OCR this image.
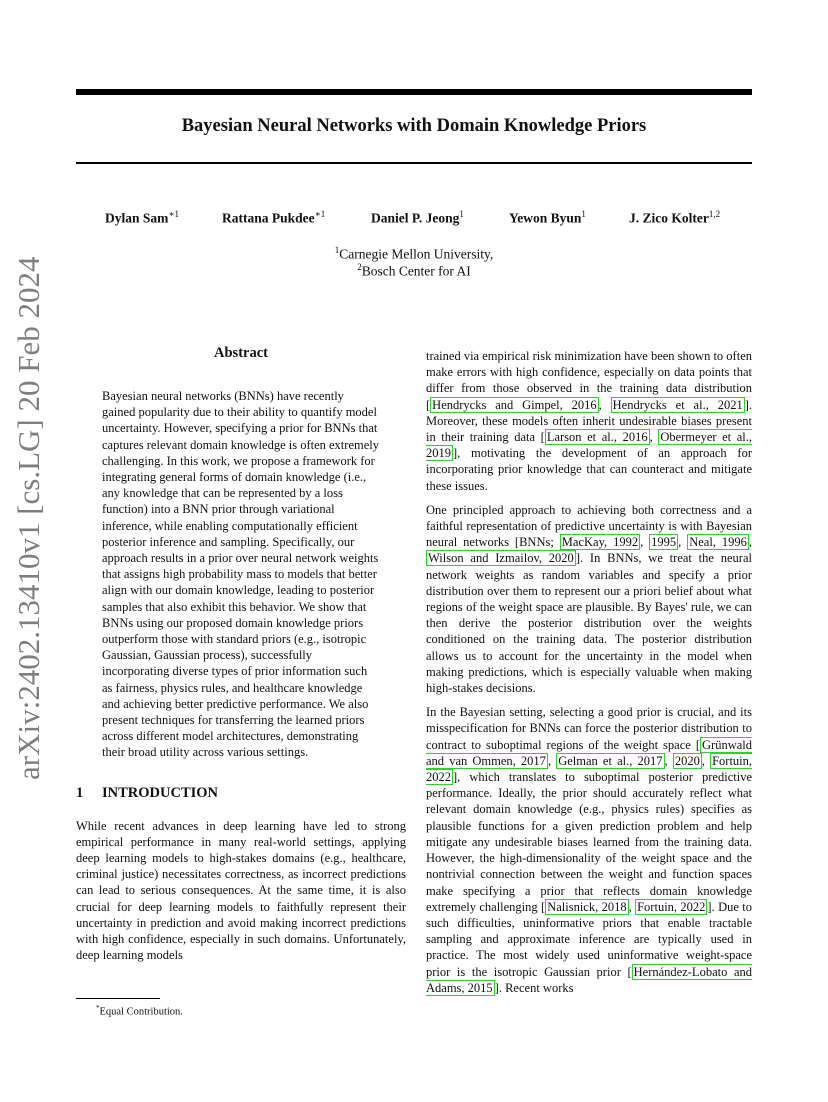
Bayesian Neural Networks with Domain Knowledge Priors
Dylan Sam$^{∗1}$	Rattana Pukdee$^{∗1}$	Daniel P. Jeong$^1$	Yewon Byun$^1$	J. Zico Kolter$^{1,2}$
$^1$Carnegie Mellon University,
$^2$Bosch Center for AI
arXiv:2402.13410v1 [cs.LG] 20 Feb 2024	Abstract

Bayesian neural networks (BNNs) have recently gained popularity due to their ability to quantify model uncertainty. However, specifying a prior for BNNs that captures relevant domain knowledge is often extremely challenging. In this work, we propose a framework for integrating general forms of domain knowledge (i.e., any knowledge that can be represented by a loss function) into a BNN prior through variational inference, while enabling computationally efficient posterior inference and sampling. Specifically, our approach results in a prior over neural network weights that assigns high probability mass to models that better align with our domain knowledge, leading to posterior samples that also exhibit this behavior. We show that BNNs using our proposed domain knowledge priors outperform those with standard priors (e.g., isotropic Gaussian, Gaussian process), successfully incorporating diverse types of prior information such as fairness, physics rules, and healthcare knowledge and achieving better predictive performance. We also present techniques for transferring the learned priors across different model architectures, demonstrating their broad utility across various settings.

1 INTRODUCTION

While recent advances in deep learning have led to strong empirical performance in many real-world settings, applying deep learning models to high-stakes domains (e.g., healthcare, criminal justice) necessitates correctness, as incorrect predictions can lead to serious consequences. At the same time, it is also crucial for deep learning models to faithfully represent their uncertainty in prediction and avoid making incorrect predictions with high confidence, especially in such domains. Unfortunately, deep learning models

trained via empirical risk minimization have been shown to often make errors with high confidence, especially on data points that differ from those observed in the training data distribution [ Hendrycks and Gimpel, 2016 , Hendrycks et al., 2021 ]. Moreover, these models often inherit undesirable biases present in their training data [ Larson et al., 2016 , Obermeyer et al., 2019 ], motivating the development of an approach for incorporating prior knowledge that can counteract and mitigate these issues.

One principled approach to achieving both correctness and a faithful representation of predictive uncertainty is with Bayesian neural networks [BNNs; MacKay, 1992 , 1995 , Neal, 1996 , Wilson and Izmailov, 2020 ]. In BNNs, we treat the neural network weights as random variables and specify a prior distribution over them to represent our a priori belief about what regions of the weight space are plausible. By Bayes' rule, we can then derive the posterior distribution over the weights conditioned on the training data. The posterior distribution allows us to account for the uncertainty in the model when making predictions, which is especially valuable when making high-stakes decisions.

In the Bayesian setting, selecting a good prior is crucial, and its misspecification for BNNs can force the posterior distribution to contract to suboptimal regions of the weight space [ Grünwald and van Ommen, 2017 , Gelman et al., 2017 , 2020 , Fortuin, 2022 ], which translates to suboptimal posterior predictive performance. Ideally, the prior should accurately reflect what relevant domain knowledge (e.g., physics rules) specifies as plausible functions for a given prediction problem and help mitigate any undesirable biases learned from the training data. However, the high-dimensionality of the weight space and the nontrivial connection between the weight and function spaces make specifying a prior that reflects domain knowledge extremely challenging [ Nalisnick, 2018 , Fortuin, 2022 ]. Due to such difficulties, uninformative priors that enable tractable sampling and approximate inference are typically used in practice. The most widely used uninformative weight-space prior is the isotropic Gaussian prior [ Hernández-Lobato and Adams, 2015 ]. Recent works

*Equal Contribution.
